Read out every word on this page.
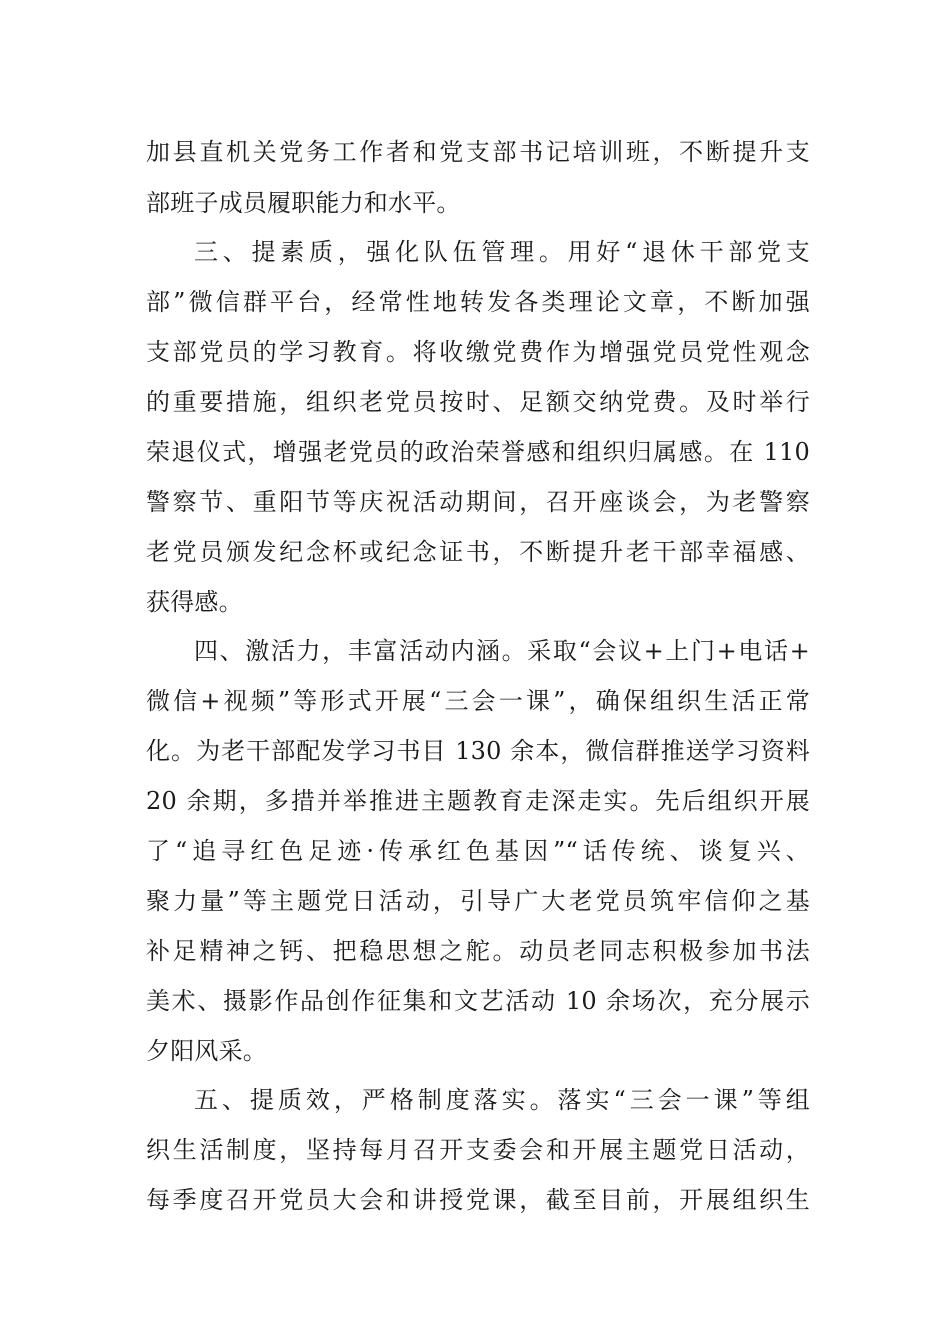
加县直机关党务工作者和党支部书记培训班，不断提升支
部班子成员履职能力和水平。
三、提素质，强化队伍管理。用好“退休干部党支
部”微信群平台，经常性地转发各类理论文章，不断加强
支部党员的学习教育。将收缴党费作为增强党员党性观念
的重要措施，组织老党员按时、足额交纳党费。及时举行
荣退仪式，增强老党员的政治荣誉感和组织归属感。在 110
警察节、重阳节等庆祝活动期间，召开座谈会，为老警察
老党员颁发纪念杯或纪念证书，不断提升老干部幸福感、
获得感。
四、激活力，丰富活动内涵。采取“会议+上门+电话+
微信+视频”等形式开展“三会一课”，确保组织生活正常
化。为老干部配发学习书目 130 余本，微信群推送学习资料
20 余期，多措并举推进主题教育走深走实。先后组织开展
了“追寻红色足迹·传承红色基因”“话传统、谈复兴、
聚力量”等主题党日活动，引导广大老党员筑牢信仰之基
补足精神之钙、把稳思想之舵。动员老同志积极参加书法
美术、摄影作品创作征集和文艺活动 10 余场次，充分展示
夕阳风采。
五、提质效，严格制度落实。落实“三会一课”等组
织生活制度，坚持每月召开支委会和开展主题党日活动，
每季度召开党员大会和讲授党课，截至目前，开展组织生
